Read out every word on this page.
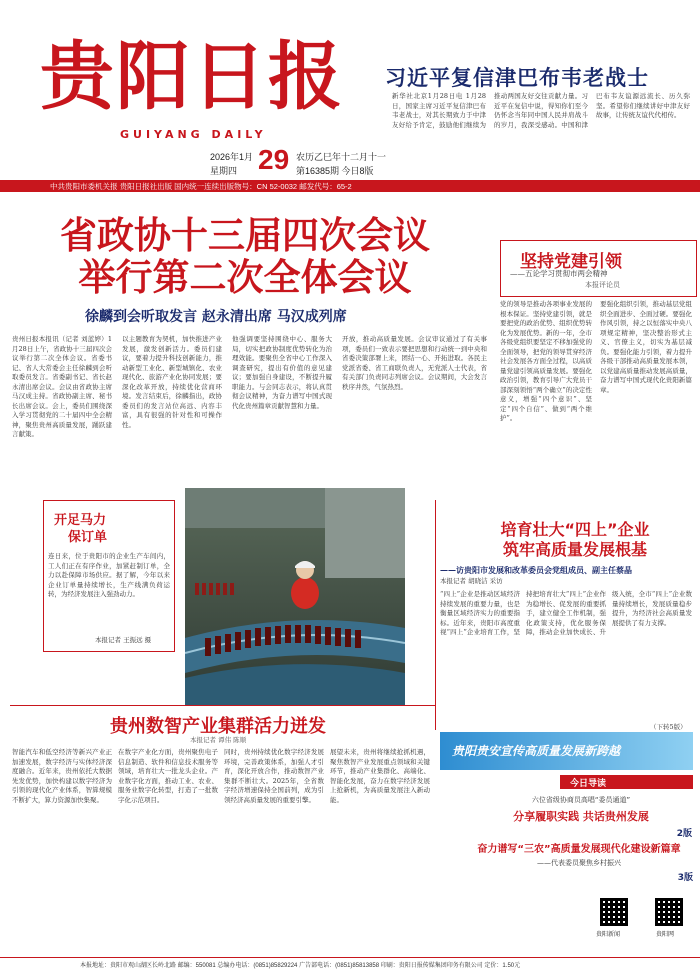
贵阳日报
GUIYANG DAILY
2026年1月
星期四 29 农历乙巳年十二月十一
第16385期 今日8版
习近平复信津巴布韦老战士
新华社北京1月28日电 1月28日，国家主席习近平复信津巴布韦老战士，对其长期致力于中津友好给予肯定，鼓励他们继续为推动两国友好交往贡献力量。习近平在复信中说，得知你们至今仍怀念当年同中国人民并肩战斗的岁月，我深受感动。中国和津巴布韦友谊源远流长、历久弥坚。希望你们继续讲好中津友好故事，让传统友谊代代相传。
中共贵阳市委机关报 贵阳日报社出版 国内统一连续出版物号：CN 52-0032 邮发代号：65-2
省政协十三届四次会议
举行第二次全体会议
徐麟到会听取发言 赵永清出席 马汉成列席
贵州日报本报讯（记者 刘蓝婷）1月28日上午，省政协十三届四次会议举行第二次全体会议。省委书记、省人大常委会主任徐麟到会听取委员发言。省委副书记、省长赵永清出席会议。会议由省政协主席马汉成主持。省政协副主席、秘书长出席会议。会上，委员们围绕深入学习贯彻党的二十届四中全会精神，聚焦贵州高质量发展，踊跃建言献策。
以主题教育为契机，加快推进产业发展，激发创新活力。委员们建议，要着力提升科技创新能力，推动新型工业化、新型城镇化、农业现代化、旅游产业化协同发展；要深化改革开放，持续优化营商环境。发言结束后，徐麟指出，政协委员们的发言站位高远、内容丰富，具有很强的针对性和可操作性。
他强调要坚持围绕中心、服务大局，切实把政协制度优势转化为治理效能。要聚焦全省中心工作深入调查研究，提出有价值的意见建议；要加强自身建设，不断提升履职能力。与会同志表示，将认真贯彻会议精神，为奋力谱写中国式现代化贵州篇章贡献智慧和力量。
开放，推动高质量发展。会议审议通过了有关事项，委员们一致表示要把思想和行动统一到中央和省委决策部署上来，团结一心、开拓进取。各民主党派省委、省工商联负责人，无党派人士代表，省有关部门负责同志列席会议。会议期间，大会发言秩序井然，气氛热烈。
坚持党建引领
——五论学习贯彻市两会精神
本报评论员
党的领导是推动各项事业发展的根本保证。坚持党建引领，就是要把党的政治优势、组织优势转化为发展优势。新的一年，全市各级党组织要坚定不移加强党的全面领导，把党的领导贯穿经济社会发展各方面全过程，以高质量党建引领高质量发展。要强化政治引领，教育引导广大党员干部深刻领悟“两个确立”的决定性意义，增强“四个意识”、坚定“四个自信”、做到“两个维护”。
要强化组织引领，推动基层党组织全面进步、全面过硬。要强化作风引领，持之以恒落实中央八项规定精神，坚决整治形式主义、官僚主义，切实为基层减负。要强化能力引领，着力提升各级干部推动高质量发展本领，以党建高质量推动发展高质量，奋力谱写中国式现代化贵阳新篇章。
开足马力
保订单
连日来，位于贵阳市的企业生产车间内，工人们正在有序作业，加紧赶制订单，全力以赴保障市场供应。据了解，今年以来企业订单量持续增长，生产线满负荷运转，为经济发展注入强劲动力。
本报记者 王振远 摄
培育壮大“四上”企业
筑牢高质量发展根基
——访贵阳市发展和改革委员会党组成员、副主任蔡晶
本报记者 胡晓洁 采访
“四上”企业是推动区域经济持续发展的重要力量，也是衡量区域经济实力的重要指标。近年来，贵阳市高度重视“四上”企业培育工作，坚持把培育壮大“四上”企业作为稳增长、促发展的重要抓手，建立健全工作机制，强化政策支持，优化服务保障，推动企业加快成长、升级入统，全市“四上”企业数量持续增长，发展质量稳步提升，为经济社会高质量发展提供了有力支撑。
（下转5版）
贵州数智产业集群活力迸发
本报记者 谭伟 陈顺
智能汽车和低空经济等新兴产业正加速发展，数字经济与实体经济深度融合。近年来，贵州依托大数据先发优势，加快构建以数字经济为引领的现代化产业体系，智算规模不断扩大，算力资源加快集聚。
在数字产业化方面，贵州聚焦电子信息制造、软件和信息技术服务等领域，培育壮大一批龙头企业。产业数字化方面，推动工业、农业、服务业数字化转型，打造了一批数字化示范项目。
同时，贵州持续优化数字经济发展环境，完善政策体系，加强人才引育，深化开放合作，推动数智产业集群不断壮大。2025年，全省数字经济增速保持全国前列，成为引领经济高质量发展的重要引擎。
展望未来，贵州将继续抢抓机遇，聚焦数智产业发展重点领域和关键环节，推动产业集群化、高端化、智能化发展，奋力在数字经济发展上抢新机，为高质量发展注入新动能。
贵阳贵安宣传高质量发展新跨越
今日导读
六位省级协商员高唱“委员通道”
分享履职实践 共话贵州发展
2版
奋力谱写“三农”高质量发展现代化建设新篇章
——代表委员聚焦乡村振兴
3版
贵阳新闻	贵阳网
本报地址：贵阳市观山湖区长岭北路 邮编：550081 总编办电话：(0851)85829224 广告部电话：(0851)85813858 印刷：贵阳日报传媒集团印务有限公司 定价：1.50元
